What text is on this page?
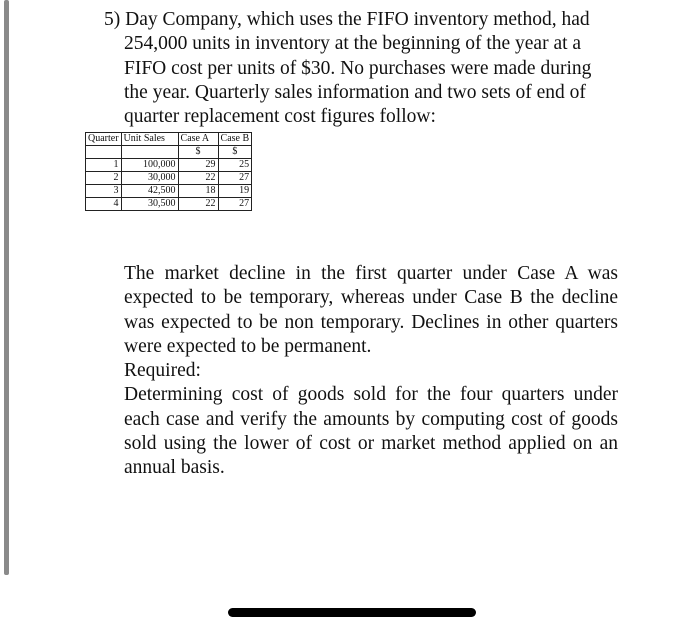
5) Day Company, which uses the FIFO inventory method, had
254,000 units in inventory at the beginning of the year at a
FIFO cost per units of $30. No purchases were made during
the year. Quarterly sales information and two sets of end of
quarter replacement cost figures follow:
Quarter	Unit Sales	Case A	Case B
		$	$
1	100,000	29	25
2	30,000	22	27
3	42,500	18	19
4	30,500	22	27

The market decline in the first quarter under Case A was expected to be temporary, whereas under Case B the decline was expected to be non temporary. Declines in other quarters were expected to be permanent.

Required:

Determining cost of goods sold for the four quarters under each case and verify the amounts by computing cost of goods sold using the lower of cost or market method applied on an annual basis.
